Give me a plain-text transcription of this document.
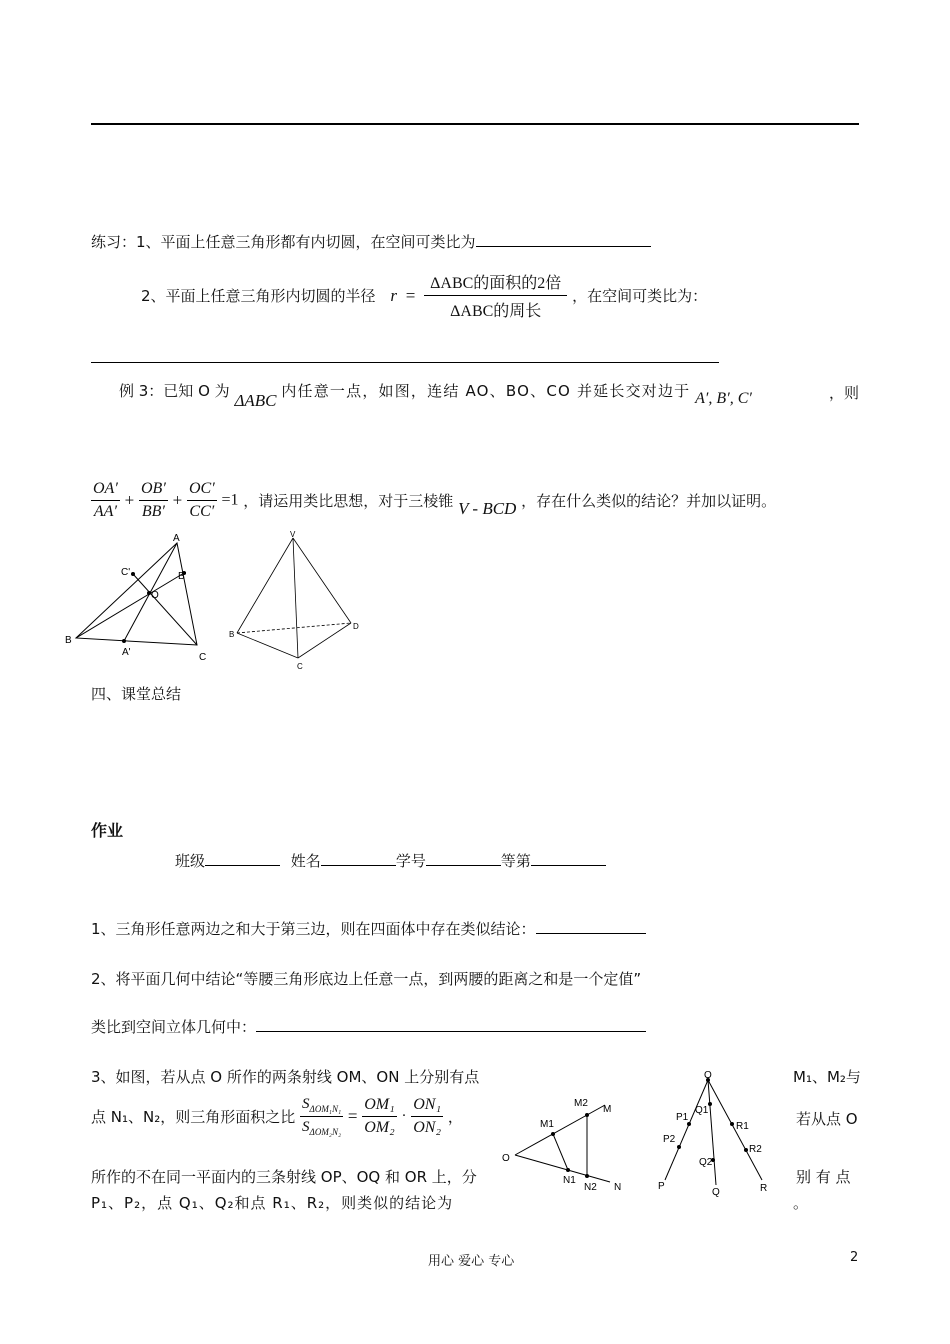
练习：1、平面上任意三角形都有内切圆，在空间可类比为
2、平面上任意三角形内切圆的半径 $r = \frac{\text{ΔABC的面积的2倍}}{\text{ΔABC的周长}}$ ，在空间可类比为：
例 3：已知 O 为 ΔABC 内任意一点，如图，连结 AO、BO、CO 并延长交对边于 A′, B′, C′	，则
$\frac{OA'}{AA'} + \frac{OB'}{BB'} + \frac{OC'}{CC'} =1$ ，请运用类比思想，对于三棱锥 V - BCD ，存在什么类似的结论？并加以证明。
A
C'	B'
O
B
A'	C
V
B
D
C
四、课堂总结
作业
班级	姓名	学号	等第
1、三角形任意两边之和大于第三边，则在四面体中存在类似结论：
2、将平面几何中结论“等腰三角形底边上任意一点，到两腰的距离之和是一个定值”
类比到空间立体几何中：
3、如图，若从点 O 所作的两条射线 OM、ON 上分别有点
点 N₁、N₂，则三角形面积之比 $\frac{S_{\Delta OM_1N_1}}{S_{\Delta OM_2N_2}} = \frac{\text{OM₁}}{\text{OM₂}} \cdot \frac{\text{ON₁}}{\text{ON₂}}$ ，
所作的不在同一平面内的三条射线 OP、OQ 和 OR 上，分
P₁、P₂，点 Q₁、Q₂和点 R₁、R₂，则类似的结论为
M₁、M₂与
若从点 O
别 有 点
。
M2
M
M1
O
N1
N2 N
O
P1
P2
Q1
R1
R2
Q2
P
Q	R
用心 爱心 专心	2
